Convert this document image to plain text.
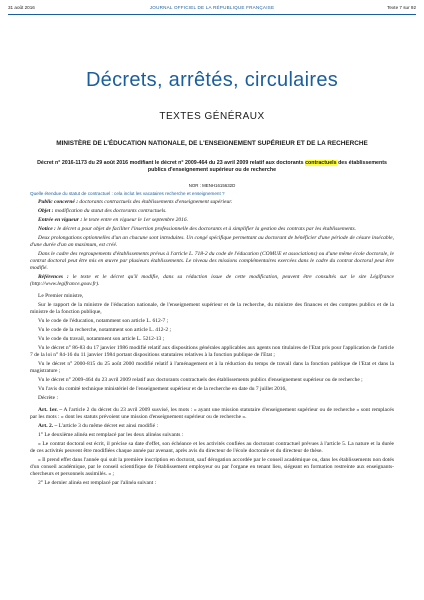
31 août 2016	JOURNAL OFFICIEL DE LA RÉPUBLIQUE FRANÇAISE	Texte 7 sur 92
Décrets, arrêtés, circulaires
TEXTES GÉNÉRAUX
MINISTÈRE DE L'ÉDUCATION NATIONALE, DE L'ENSEIGNEMENT SUPÉRIEUR ET DE LA RECHERCHE
Décret n° 2016-1173 du 29 août 2016 modifiant le décret n° 2009-464 du 23 avril 2009 relatif aux doctorants contractuels des établissements publics d'enseignement supérieur ou de recherche
NOR : MENH1615632D
Quelle étendue du statut de contractuel : cela inclut les vacataires recherche et enseignement ?

Public concerné : doctorants contractuels des établissements d'enseignement supérieur.

Objet : modification du statut des doctorants contractuels.

Entrée en vigueur : le texte entre en vigueur le 1er septembre 2016.

Notice : le décret a pour objet de faciliter l'insertion professionnelle des doctorants et à simplifier la gestion des contrats par les établissements.

Deux prolongations optionnelles d'un an chacune sont introduites. Un congé spécifique permettant au doctorant de bénéficier d'une période de césure insécable, d'une durée d'un an maximum, est créé.

Dans le cadre des regroupements d'établissements prévus à l'article L. 718-2 du code de l'éducation (COMUE et associations) ou d'une même école doctorale, le contrat doctoral peut être mis en œuvre par plusieurs établissements. Le niveau des missions complémentaires exercées dans le cadre du contrat doctoral peut être modifié.

Références : le texte et le décret qu'il modifie, dans sa rédaction issue de cette modification, peuvent être consultés sur le site Légifrance (http://www.legifrance.gouv.fr).

Le Premier ministre,

Sur le rapport de la ministre de l'éducation nationale, de l'enseignement supérieur et de la recherche, du ministre des finances et des comptes publics et de la ministre de la fonction publique,

Vu le code de l'éducation, notamment son article L. 612-7 ;

Vu le code de la recherche, notamment son article L. 412-2 ;

Vu le code du travail, notamment son article L. 5212-13 ;

Vu le décret n° 86-83 du 17 janvier 1986 modifié relatif aux dispositions générales applicables aux agents non titulaires de l'Etat pris pour l'application de l'article 7 de la loi n° 84-16 du 11 janvier 1984 portant dispositions statutaires relatives à la fonction publique de l'Etat ;

Vu le décret n° 2000-815 du 25 août 2000 modifié relatif à l'aménagement et à la réduction du temps de travail dans la fonction publique de l'Etat et dans la magistrature ;

Vu le décret n° 2009-464 du 23 avril 2009 relatif aux doctorants contractuels des établissements publics d'enseignement supérieur ou de recherche ;

Vu l'avis du comité technique ministériel de l'enseignement supérieur et de la recherche en date du 7 juillet 2016,

Décrète :

Art. 1er. – A l'article 2 du décret du 23 avril 2009 susvisé, les mots : « ayant une mission statutaire d'enseignement supérieur ou de recherche » sont remplacés par les mots : « dont les statuts prévoient une mission d'enseignement supérieur ou de recherche ».

Art. 2. – L'article 3 du même décret est ainsi modifié :

1° Le deuxième alinéa est remplacé par les deux alinéas suivants :

« Le contrat doctoral est écrit, il précise sa date d'effet, son échéance et les activités confiées au doctorant contractuel prévues à l'article 5. La nature et la durée de ces activités peuvent être modifiées chaque année par avenant, après avis du directeur de l'école doctorale et du directeur de thèse.

« Il prend effet dans l'année qui suit la première inscription en doctorat, sauf dérogation accordée par le conseil académique ou, dans les établissements non dotés d'un conseil académique, par le conseil scientifique de l'établissement employeur ou par l'organe en tenant lieu, siégeant en formation restreinte aux enseignants-chercheurs et personnels assimilés. » ;

2° Le dernier alinéa est remplacé par l'alinéa suivant :
